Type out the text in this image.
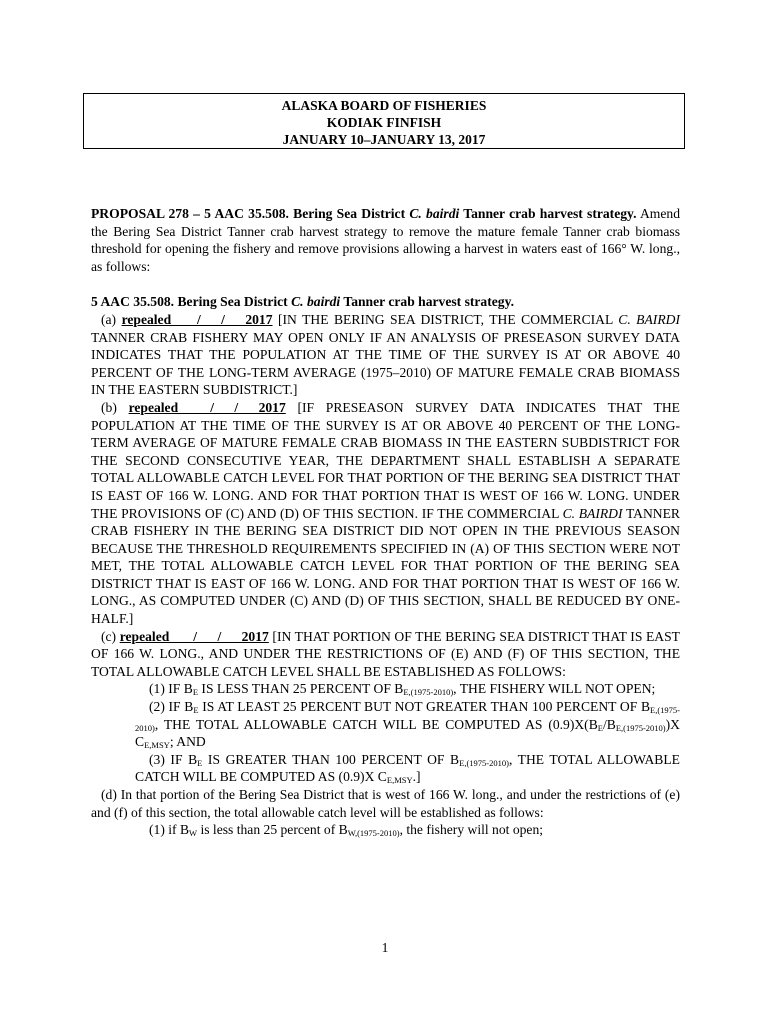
ALASKA BOARD OF FISHERIES
KODIAK FINFISH
JANUARY 10–JANUARY 13, 2017

PROPOSAL 278 – 5 AAC 35.508. Bering Sea District C. bairdi Tanner crab harvest strategy. Amend the Bering Sea District Tanner crab harvest strategy to remove the mature female Tanner crab biomass threshold for opening the fishery and remove provisions allowing a harvest in waters east of 166° W. long., as follows:

5 AAC 35.508. Bering Sea District C. bairdi Tanner crab harvest strategy.

(a) repealed ___/___/___2017 [IN THE BERING SEA DISTRICT, THE COMMERCIAL C. BAIRDI TANNER CRAB FISHERY MAY OPEN ONLY IF AN ANALYSIS OF PRESEASON SURVEY DATA INDICATES THAT THE POPULATION AT THE TIME OF THE SURVEY IS AT OR ABOVE 40 PERCENT OF THE LONG-TERM AVERAGE (1975–2010) OF MATURE FEMALE CRAB BIOMASS IN THE EASTERN SUBDISTRICT.]

(b) repealed ___/___/___2017 [IF PRESEASON SURVEY DATA INDICATES THAT THE POPULATION AT THE TIME OF THE SURVEY IS AT OR ABOVE 40 PERCENT OF THE LONG-TERM AVERAGE OF MATURE FEMALE CRAB BIOMASS IN THE EASTERN SUBDISTRICT FOR THE SECOND CONSECUTIVE YEAR, THE DEPARTMENT SHALL ESTABLISH A SEPARATE TOTAL ALLOWABLE CATCH LEVEL FOR THAT PORTION OF THE BERING SEA DISTRICT THAT IS EAST OF 166 W. LONG. AND FOR THAT PORTION THAT IS WEST OF 166 W. LONG. UNDER THE PROVISIONS OF (C) AND (D) OF THIS SECTION. IF THE COMMERCIAL C. BAIRDI TANNER CRAB FISHERY IN THE BERING SEA DISTRICT DID NOT OPEN IN THE PREVIOUS SEASON BECAUSE THE THRESHOLD REQUIREMENTS SPECIFIED IN (A) OF THIS SECTION WERE NOT MET, THE TOTAL ALLOWABLE CATCH LEVEL FOR THAT PORTION OF THE BERING SEA DISTRICT THAT IS EAST OF 166 W. LONG. AND FOR THAT PORTION THAT IS WEST OF 166 W. LONG., AS COMPUTED UNDER (C) AND (D) OF THIS SECTION, SHALL BE REDUCED BY ONE-HALF.]

(c) repealed ___/___/___2017 [IN THAT PORTION OF THE BERING SEA DISTRICT THAT IS EAST OF 166 W. LONG., AND UNDER THE RESTRICTIONS OF (E) AND (F) OF THIS SECTION, THE TOTAL ALLOWABLE CATCH LEVEL SHALL BE ESTABLISHED AS FOLLOWS:

(1) IF $B_E$ IS LESS THAN 25 PERCENT OF $B_{E,(1975-2010)}$, THE FISHERY WILL NOT OPEN;

(2) IF $B_E$ IS AT LEAST 25 PERCENT BUT NOT GREATER THAN 100 PERCENT OF $B_{E,(1975-2010)}$, THE TOTAL ALLOWABLE CATCH WILL BE COMPUTED AS $(0.9)X(B_E/B_{E,(1975-2010)})X$ $C_{E,MSY}$; AND

(3) IF $B_E$ IS GREATER THAN 100 PERCENT OF $B_{E,(1975-2010)}$, THE TOTAL ALLOWABLE CATCH WILL BE COMPUTED AS (0.9)X $C_{E,MSY}$.]

(d) In that portion of the Bering Sea District that is west of 166 W. long., and under the restrictions of (e) and (f) of this section, the total allowable catch level will be established as follows:

(1) if $B_W$ is less than 25 percent of $B_{W,(1975-2010)}$, the fishery will not open;

1
